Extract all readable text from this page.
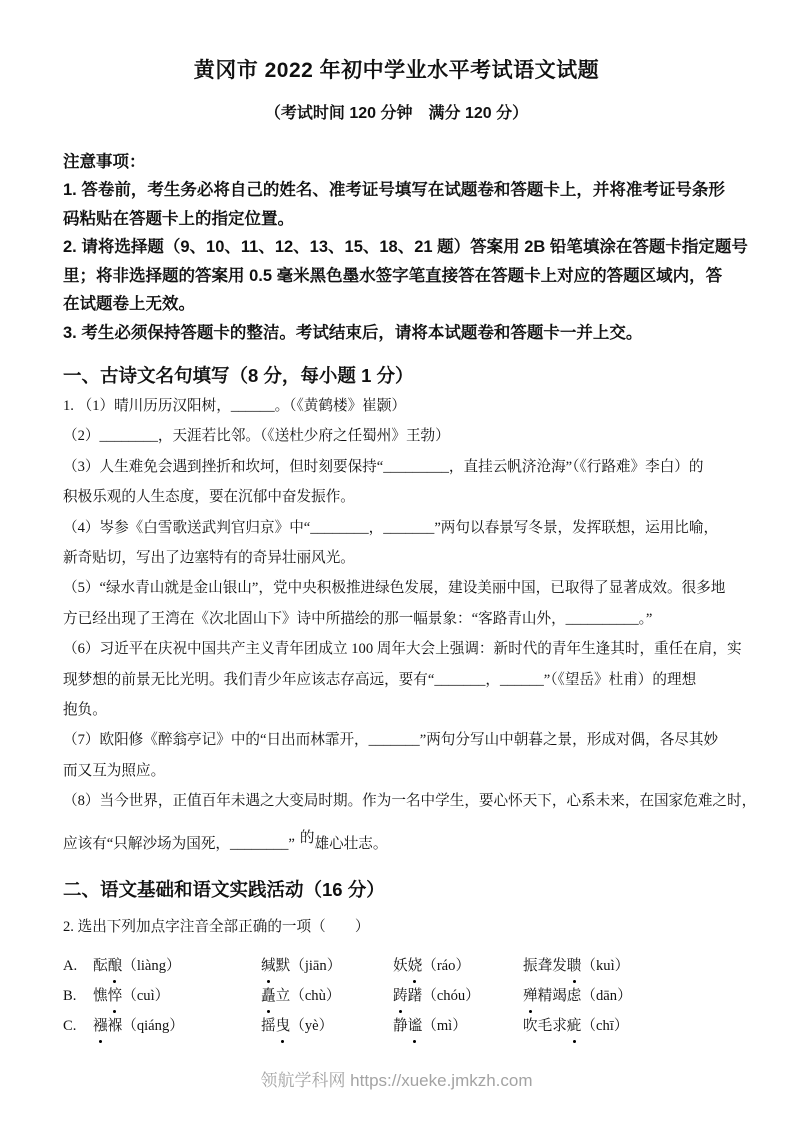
黄冈市 2022 年初中学业水平考试语文试题
（考试时间 120 分钟　满分 120 分）
注意事项：
1. 答卷前，考生务必将自己的姓名、准考证号填写在试题卷和答题卡上，并将准考证号条形
码粘贴在答题卡上的指定位置。
2. 请将选择题（9、10、11、12、13、15、18、21 题）答案用 2B 铅笔填涂在答题卡指定题号
里；将非选择题的答案用 0.5 毫米黑色墨水签字笔直接答在答题卡上对应的答题区域内，答
在试题卷上无效。
3. 考生必须保持答题卡的整洁。考试结束后，请将本试题卷和答题卡一并上交。
一、古诗文名句填写（8 分，每小题 1 分）
1. （1）晴川历历汉阳树，______。（《黄鹤楼》崔颢）
（2）________，天涯若比邻。（《送杜少府之任蜀州》王勃）
（3）人生难免会遇到挫折和坎坷，但时刻要保持“_________，直挂云帆济沧海”（《行路难》李白）的
积极乐观的人生态度，要在沉郁中奋发振作。
（4）岑参《白雪歌送武判官归京》中“________，_______”两句以春景写冬景，发挥联想，运用比喻，
新奇贴切，写出了边塞特有的奇异壮丽风光。
（5）“绿水青山就是金山银山”，党中央积极推进绿色发展，建设美丽中国，已取得了显著成效。很多地
方已经出现了王湾在《次北固山下》诗中所描绘的那一幅景象：“客路青山外，__________。”
（6）习近平在庆祝中国共产主义青年团成立 100 周年大会上强调：新时代的青年生逢其时，重任在肩，实
现梦想的前景无比光明。我们青少年应该志存高远，要有“_______，______”（《望岳》杜甫）的理想
抱负。
（7）欧阳修《醉翁亭记》中的“日出而林霏开，_______”两句分写山中朝暮之景，形成对偶，各尽其妙
而又互为照应。
（8）当今世界，正值百年未遇之大变局时期。作为一名中学生，要心怀天下，心系未来，在国家危难之时，
应该有“只解沙场为国死，________” 的雄心壮志。
二、语文基础和语文实践活动（16 分）
2. 选出下列加点字注音全部正确的一项（　　）
A.	酝酿（liàng）	缄默（jiān）	妖娆（ráo）	振聋发聩（kuì）
B.	憔悴（cuì）	矗立（chù）	踌躇（chóu）	殚精竭虑（dān）
C.	襁褓（qiáng）	摇曳（yè）	静谧（mì）	吹毛求疵（chī）
领航学科网 https://xueke.jmkzh.com
